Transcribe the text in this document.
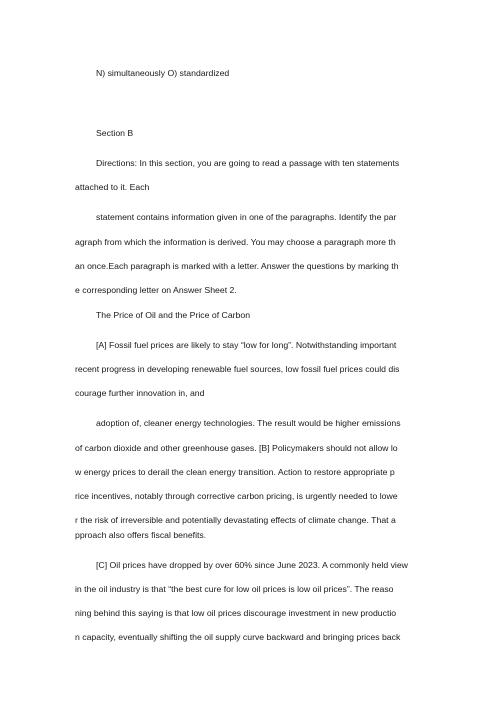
N) simultaneously O) standardized
Section B
Directions: In this section, you are going to read a passage with ten statements
attached to it. Each
statement contains information given in one of the paragraphs. Identify the par
agraph from which the information is derived. You may choose a paragraph more th
an once.Each paragraph is marked with a letter. Answer the questions by marking th
e corresponding letter on Answer Sheet 2.
The Price of Oil and the Price of Carbon
[A] Fossil fuel prices are likely to stay “low for long”. Notwithstanding important
recent progress in developing renewable fuel sources, low fossil fuel prices could dis
courage further innovation in, and
adoption of, cleaner energy technologies. The result would be higher emissions
of carbon dioxide and other greenhouse gases. [B] Policymakers should not allow lo
w energy prices to derail the clean energy transition. Action to restore appropriate p
rice incentives, notably through corrective carbon pricing, is urgently needed to lowe
r the risk of irreversible and potentially devastating effects of climate change. That a
pproach also offers fiscal benefits.
[C] Oil prices have dropped by over 60% since June 2023. A commonly held view
in the oil industry is that “the best cure for low oil prices is low oil prices”. The reaso
ning behind this saying is that low oil prices discourage investment in new productio
n capacity, eventually shifting the oil supply curve backward and bringing prices back
